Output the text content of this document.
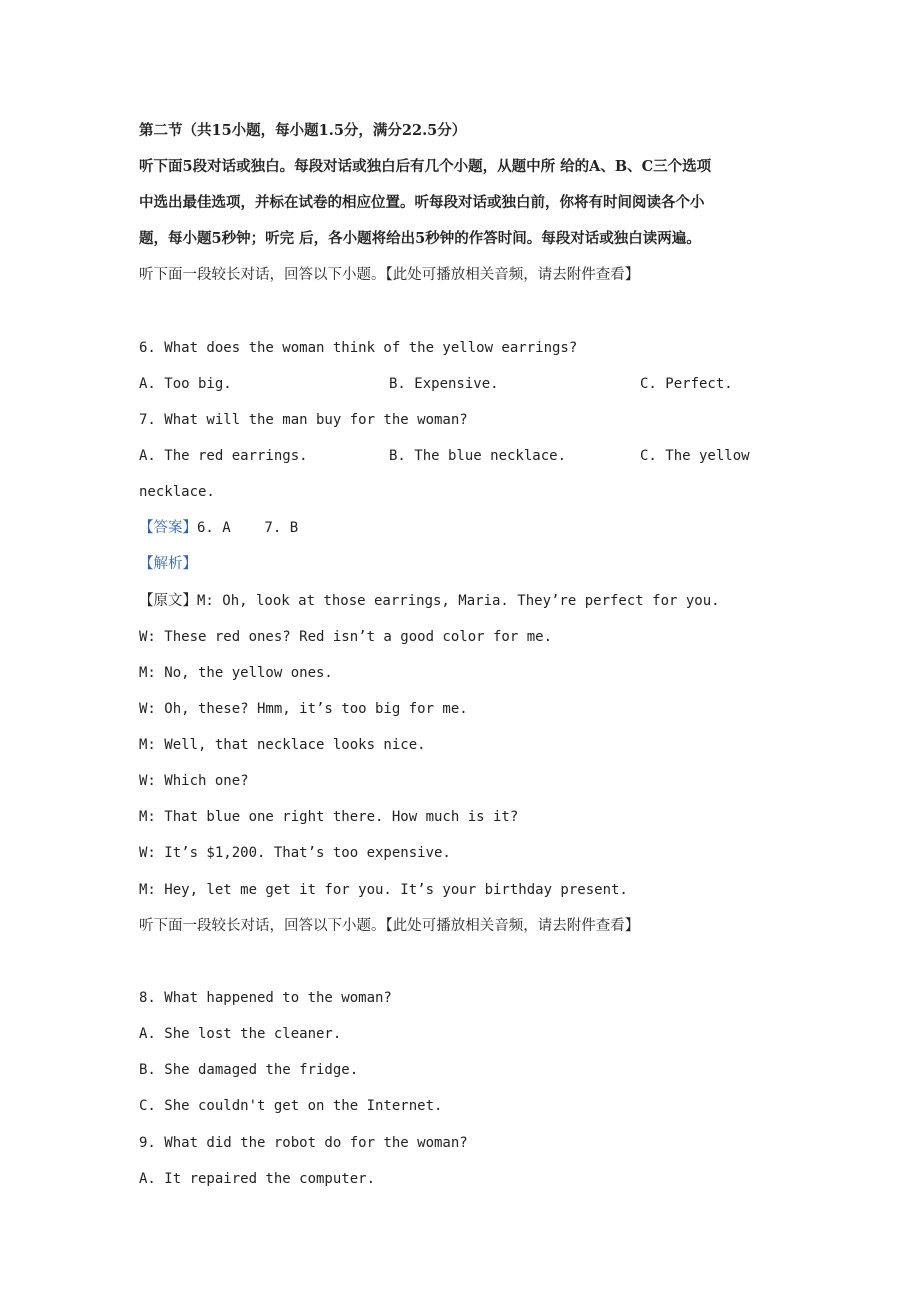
第二节（共15小题，每小题1.5分，满分22.5分）
听下面5段对话或独白。每段对话或独白后有几个小题，从题中所 给的A、B、C三个选项
中选出最佳选项，并标在试卷的相应位置。听每段对话或独白前，你将有时间阅读各个小
题，每小题5秒钟；听完 后，各小题将给出5秒钟的作答时间。每段对话或独白读两遍。
听下面一段较长对话，回答以下小题。【此处可播放相关音频，请去附件查看】
6. What does the woman think of the yellow earrings?
A. Too big.	B. Expensive.	C. Perfect.
7. What will the man buy for the woman?
A. The red earrings.	B. The blue necklace.	C. The yellow
necklace.
【答案】6. A    7. B
【解析】
【原文】M: Oh, look at those earrings, Maria. They’re perfect for you.
W: These red ones? Red isn’t a good color for me.
M: No, the yellow ones.
W: Oh, these? Hmm, it’s too big for me.
M: Well, that necklace looks nice.
W: Which one?
M: That blue one right there. How much is it?
W: It’s $1,200. That’s too expensive.
M: Hey, let me get it for you. It’s your birthday present.
听下面一段较长对话，回答以下小题。【此处可播放相关音频，请去附件查看】
8. What happened to the woman?
A. She lost the cleaner.
B. She damaged the fridge.
C. She couldn't get on the Internet.
9. What did the robot do for the woman?
A. It repaired the computer.
